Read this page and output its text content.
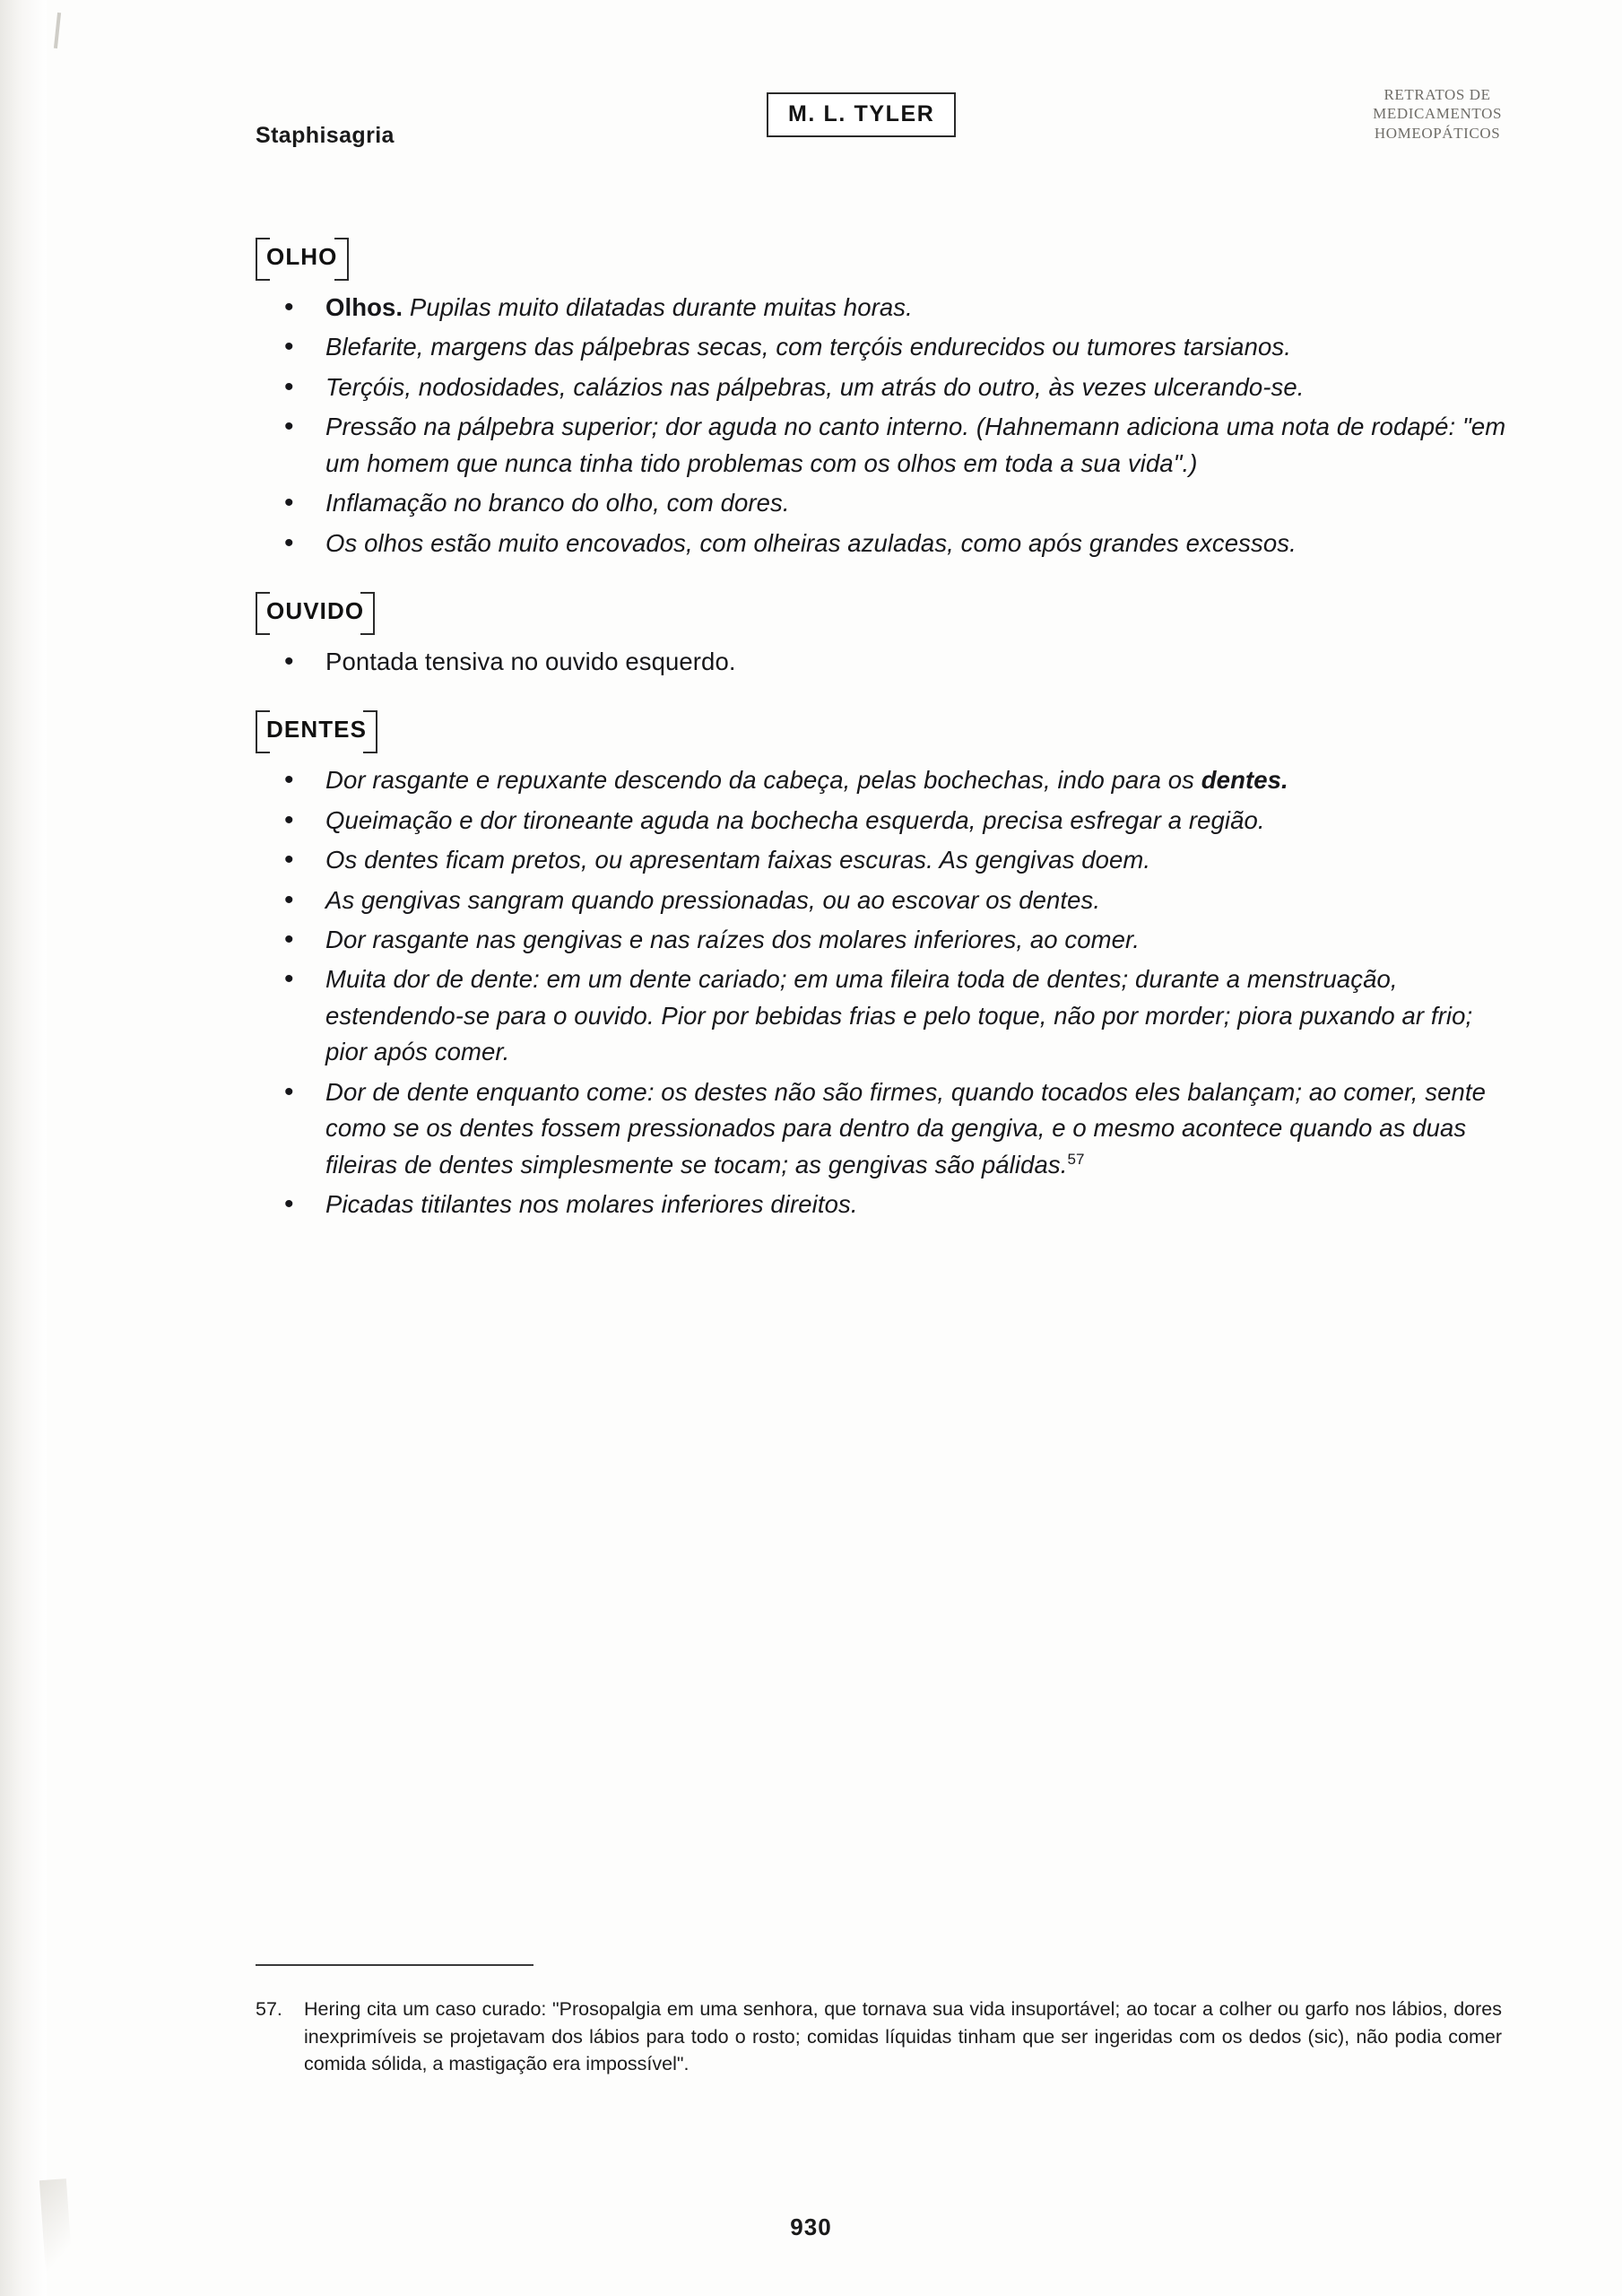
Staphisagria
M. L. TYLER
RETRATOS DE
MEDICAMENTOS
HOMEOPÁTICOS
OLHO
• Olhos. Pupilas muito dilatadas durante muitas horas.
• Blefarite, margens das pálpebras secas, com terçóis endurecidos ou tumores tarsianos.
• Terçóis, nodosidades, calázios nas pálpebras, um atrás do outro, às vezes ulcerando-se.
• Pressão na pálpebra superior; dor aguda no canto interno. (Hahnemann adiciona uma nota de rodapé: "em um homem que nunca tinha tido problemas com os olhos em toda a sua vida".)
• Inflamação no branco do olho, com dores.
• Os olhos estão muito encovados, com olheiras azuladas, como após grandes excessos.
OUVIDO
• Pontada tensiva no ouvido esquerdo.
DENTES
• Dor rasgante e repuxante descendo da cabeça, pelas bochechas, indo para os dentes.
• Queimação e dor tironeante aguda na bochecha esquerda, precisa esfregar a região.
• Os dentes ficam pretos, ou apresentam faixas escuras. As gengivas doem.
• As gengivas sangram quando pressionadas, ou ao escovar os dentes.
• Dor rasgante nas gengivas e nas raízes dos molares inferiores, ao comer.
• Muita dor de dente: em um dente cariado; em uma fileira toda de dentes; durante a menstruação, estendendo-se para o ouvido. Pior por bebidas frias e pelo toque, não por morder; piora puxando ar frio; pior após comer.
• Dor de dente enquanto come: os destes não são firmes, quando tocados eles balançam; ao comer, sente como se os dentes fossem pressionados para dentro da gengiva, e o mesmo acontece quando as duas fileiras de dentes simplesmente se tocam; as gengivas são pálidas.$^{57}$
• Picadas titilantes nos molares inferiores direitos.
57.	Hering cita um caso curado: "Prosopalgia em uma senhora, que tornava sua vida insuportável; ao tocar a colher ou garfo nos lábios, dores inexprimíveis se projetavam dos lábios para todo o rosto; comidas líquidas tinham que ser ingeridas com os dedos (sic), não podia comer comida sólida, a mastigação era impossível".
930
